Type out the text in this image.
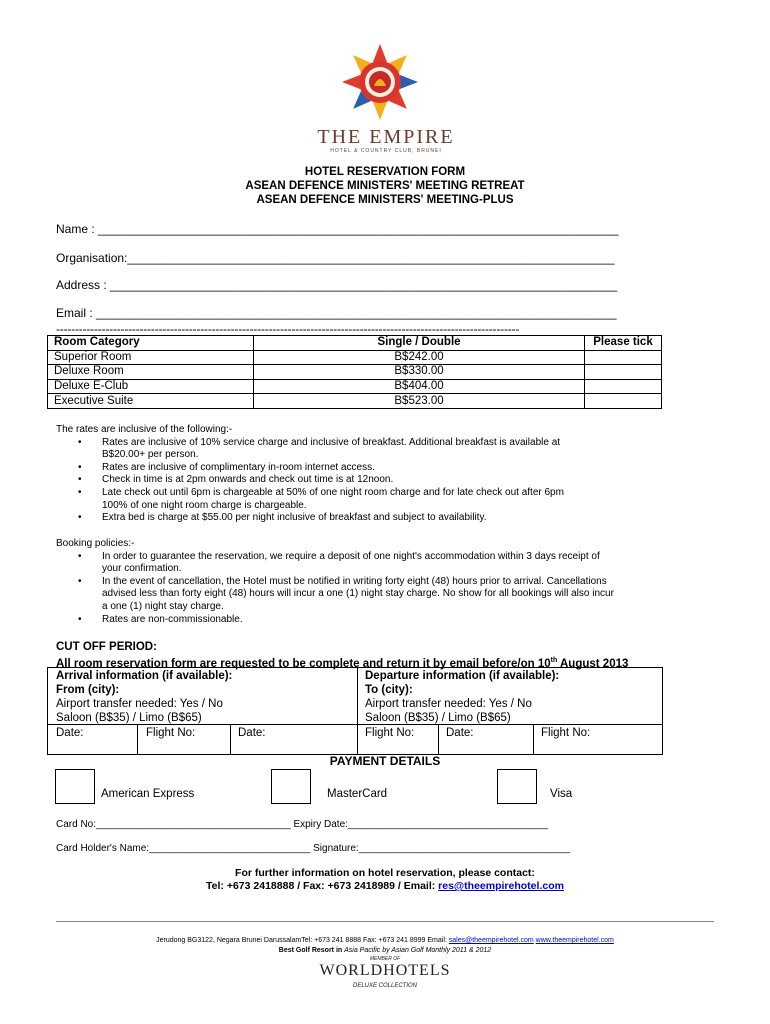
THE EMPIRE
HOTEL & COUNTRY CLUB, BRUNEI
HOTEL RESERVATION FORM
ASEAN DEFENCE MINISTERS' MEETING RETREAT
ASEAN DEFENCE MINISTERS' MEETING-PLUS
Name : ______________________________________________________________________________
Organisation:_________________________________________________________________________
Address : ____________________________________________________________________________
Email : ______________________________________________________________________________
--------------------------------------------------------------------------------------------------------------------------
Room Category	Single / Double	Please tick
Superior Room	B$242.00	
Deluxe Room	B$330.00	
Deluxe E-Club	B$404.00	
Executive Suite	B$523.00	
The rates are inclusive of the following:-
• Rates are inclusive of 10% service charge and inclusive of breakfast. Additional breakfast is available at B$20.00+ per person.
• Rates are inclusive of complimentary in-room internet access.
• Check in time is at 2pm onwards and check out time is at 12noon.
• Late check out until 6pm is chargeable at 50% of one night room charge and for late check out after 6pm 100% of one night room charge is chargeable.
• Extra bed is charge at $55.00 per night inclusive of breakfast and subject to availability.
Booking policies:-
• In order to guarantee the reservation, we require a deposit of one night's accommodation within 3 days receipt of your confirmation.
• In the event of cancellation, the Hotel must be notified in writing forty eight (48) hours prior to arrival. Cancellations advised less than forty eight (48) hours will incur a one (1) night stay charge. No show for all bookings will also incur a one (1) night stay charge.
• Rates are non-commissionable.
CUT OFF PERIOD:
All room reservation form are requested to be complete and return it by email before/on 10th August 2013
Arrival information (if available):
From (city):
Airport transfer needed: Yes / No
Saloon (B$35) / Limo (B$65)
Date:	Flight No:	Date:
Departure information (if available):
To (city):
Airport transfer needed: Yes / No
Saloon (B$35) / Limo (B$65)
Flight No:	Date:	Flight No:
PAYMENT DETAILS
American Express	MasterCard	Visa
Card No:___________________________________ Expiry Date:____________________________________
Card Holder's Name:_____________________________ Signature:______________________________________
For further information on hotel reservation, please contact:
Tel: +673 2418888 / Fax: +673 2418989 / Email: res@theempirehotel.com
Jerudong BG3122, Negara Brunei DarussalamTel: +673 241 8888 Fax: +673 241 8999 Email: sales@theempirehotel.com www.theempirehotel.com
Best Golf Resort in Asia Pacific by Asian Golf Monthly 2011 & 2012
MEMBER OF
WORLDHOTELS
DELUXE COLLECTION
